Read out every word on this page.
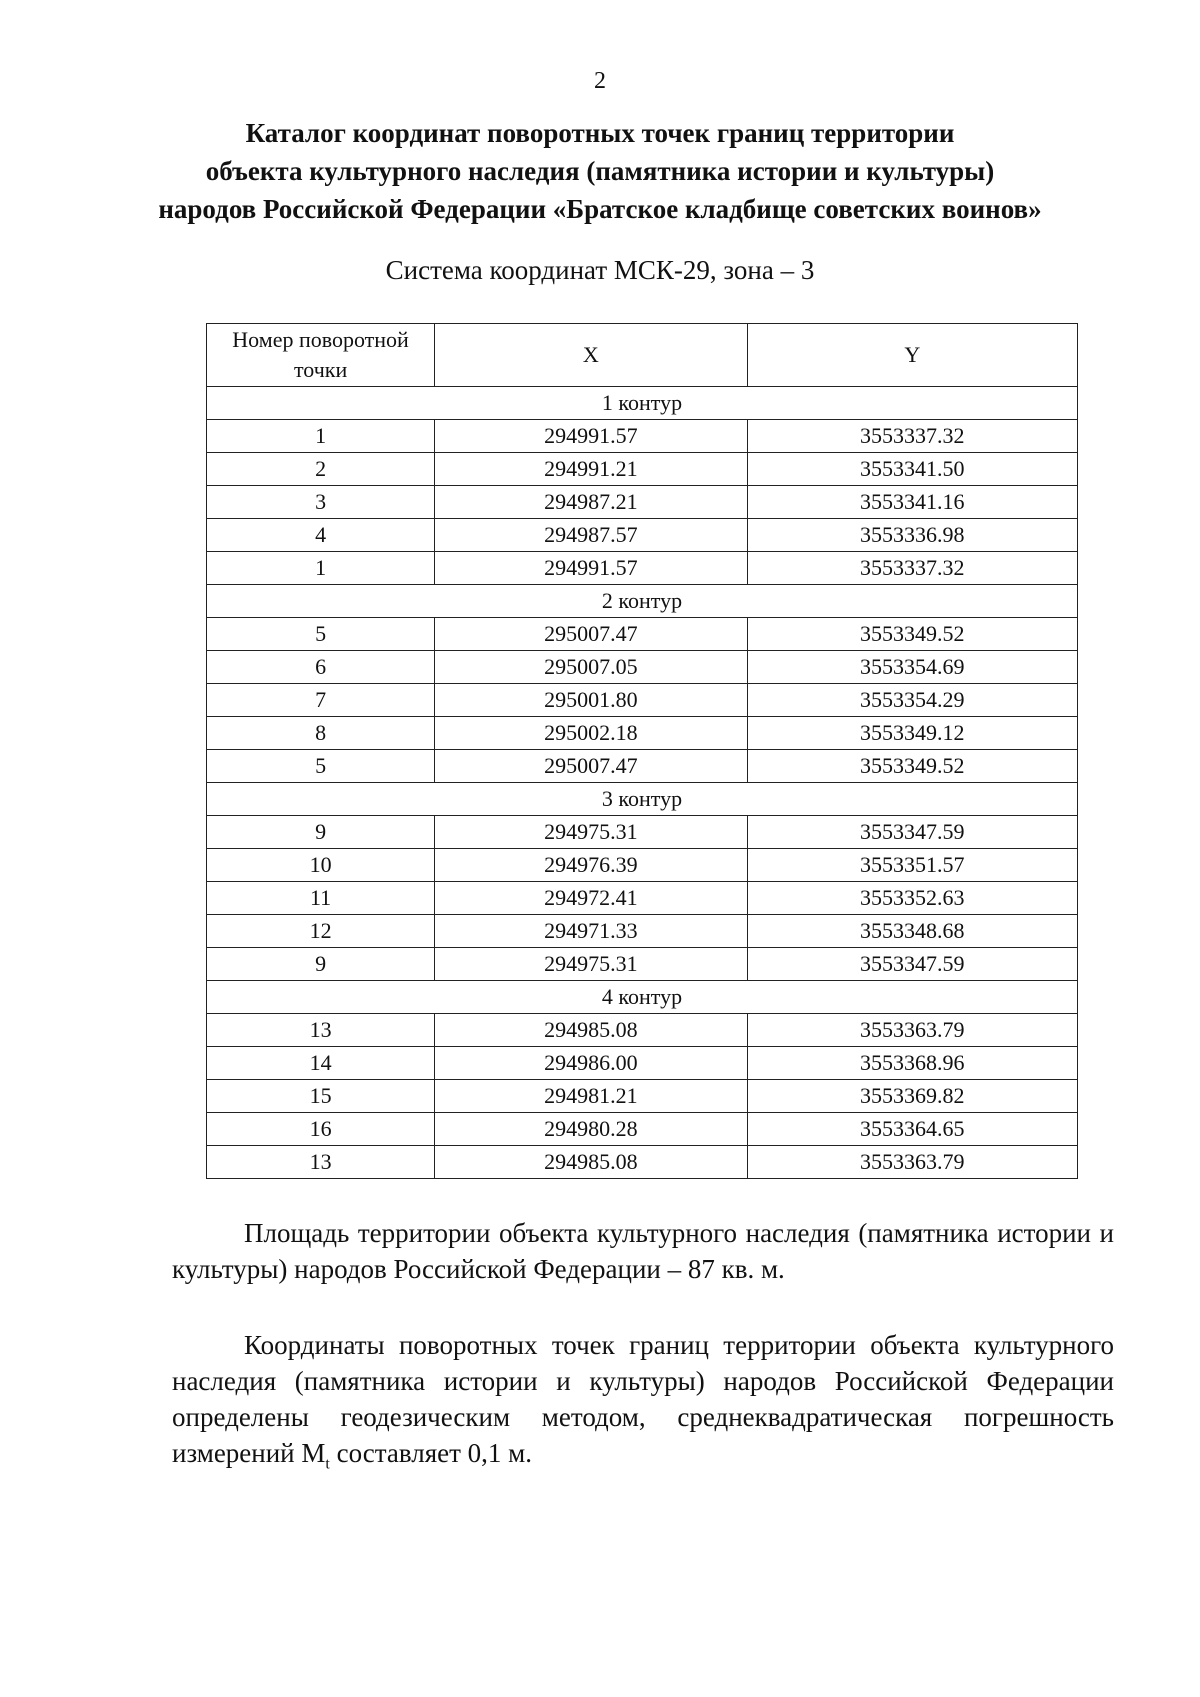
2
Каталог координат поворотных точек границ территории
объекта культурного наследия (памятника истории и культуры)
народов Российской Федерации «Братское кладбище советских воинов»
Система координат МСК-29, зона – 3
Номер поворотной точки	X	Y
1 контур		
1	294991.57	3553337.32
2	294991.21	3553341.50
3	294987.21	3553341.16
4	294987.57	3553336.98
1	294991.57	3553337.32
2 контур		
5	295007.47	3553349.52
6	295007.05	3553354.69
7	295001.80	3553354.29
8	295002.18	3553349.12
5	295007.47	3553349.52
3 контур		
9	294975.31	3553347.59
10	294976.39	3553351.57
11	294972.41	3553352.63
12	294971.33	3553348.68
9	294975.31	3553347.59
4 контур		
13	294985.08	3553363.79
14	294986.00	3553368.96
15	294981.21	3553369.82
16	294980.28	3553364.65
13	294985.08	3553363.79
Площадь территории объекта культурного наследия (памятника истории и культуры) народов Российской Федерации – 87 кв. м.
Координаты поворотных точек границ территории объекта культурного наследия (памятника истории и культуры) народов Российской Федерации определены геодезическим методом, среднеквадратическая погрешность измерений $M_t$ составляет 0,1 м.
